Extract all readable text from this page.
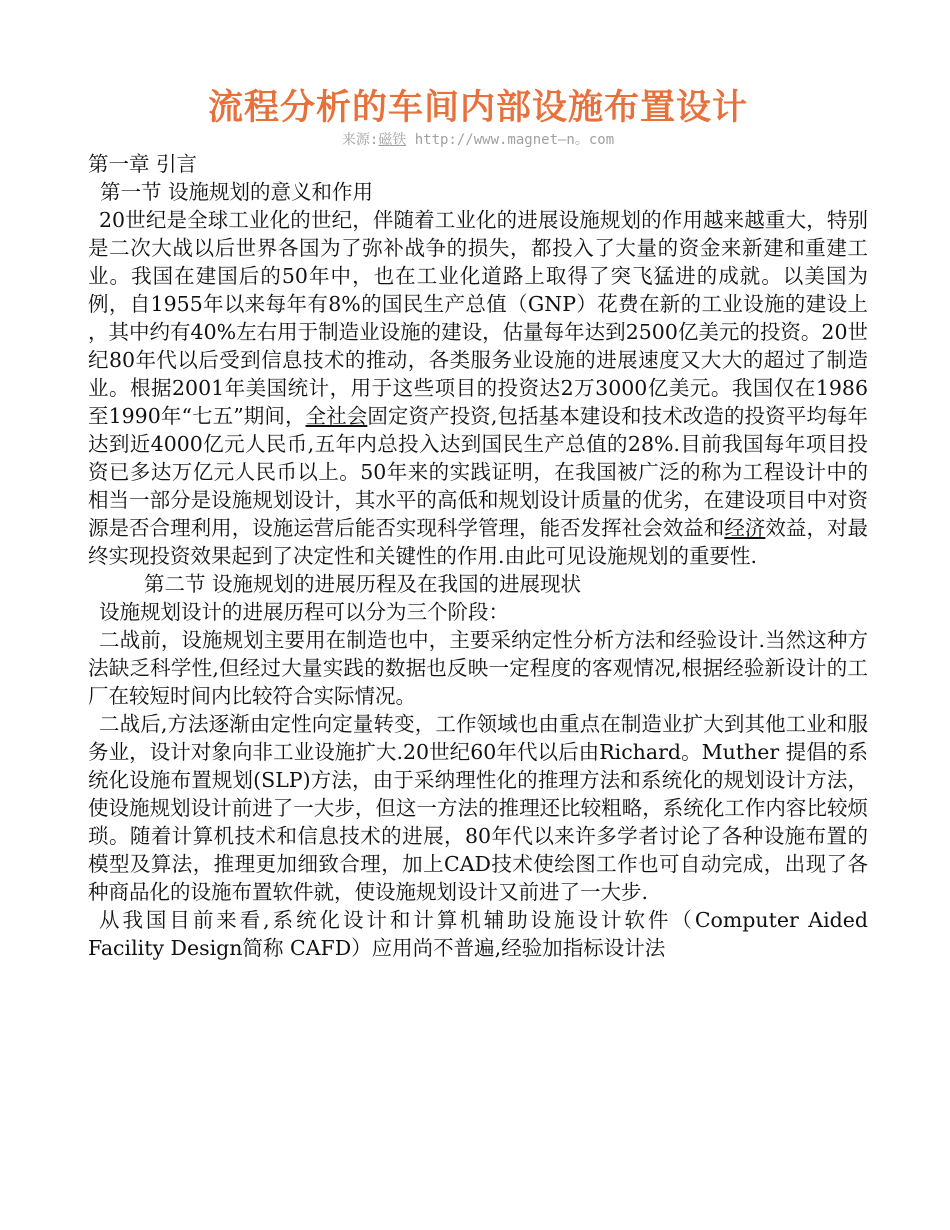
流程分析的车间内部设施布置设计
来源:磁铁 http://www.magnet—n。com
第一章 引言
第一节 设施规划的意义和作用

20世纪是全球工业化的世纪，伴随着工业化的进展设施规划的作用越来越重大，特别是二次大战以后世界各国为了弥补战争的损失，都投入了大量的资金来新建和重建工业。我国在建国后的50年中，也在工业化道路上取得了突飞猛进的成就。以美国为例，自1955年以来每年有8%的国民生产总值（GNP）花费在新的工业设施的建设上 ，其中约有40%左右用于制造业设施的建设，估量每年达到2500亿美元的投资。20世纪80年代以后受到信息技术的推动，各类服务业设施的进展速度又大大的超过了制造业。根据2001年美国统计，用于这些项目的投资达2万3000亿美元。我国仅在1986至1990年“七五”期间，全社会固定资产投资,包括基本建设和技术改造的投资平均每年达到近4000亿元人民币,五年内总投入达到国民生产总值的28%.目前我国每年项目投资已多达万亿元人民币以上。50年来的实践证明，在我国被广泛的称为工程设计中的相当一部分是设施规划设计，其水平的高低和规划设计质量的优劣，在建设项目中对资源是否合理利用，设施运营后能否实现科学管理，能否发挥社会效益和经济效益，对最终实现投资效果起到了决定性和关键性的作用.由此可见设施规划的重要性.

第二节 设施规划的进展历程及在我国的进展现状

设施规划设计的进展历程可以分为三个阶段：

二战前，设施规划主要用在制造也中，主要采纳定性分析方法和经验设计.当然这种方法缺乏科学性,但经过大量实践的数据也反映一定程度的客观情况,根据经验新设计的工厂在较短时间内比较符合实际情况。

二战后,方法逐渐由定性向定量转变，工作领域也由重点在制造业扩大到其他工业和服务业，设计对象向非工业设施扩大.20世纪60年代以后由Richard。Muther 提倡的系统化设施布置规划(SLP)方法，由于采纳理性化的推理方法和系统化的规划设计方法，使设施规划设计前进了一大步，但这一方法的推理还比较粗略，系统化工作内容比较烦琐。随着计算机技术和信息技术的进展，80年代以来许多学者讨论了各种设施布置的模型及算法，推理更加细致合理，加上CAD技术使绘图工作也可自动完成，出现了各种商品化的设施布置软件就，使设施规划设计又前进了一大步.

从我国目前来看,系统化设计和计算机辅助设施设计软件（Computer Aided Facility Design简称 CAFD）应用尚不普遍,经验加指标设计法
